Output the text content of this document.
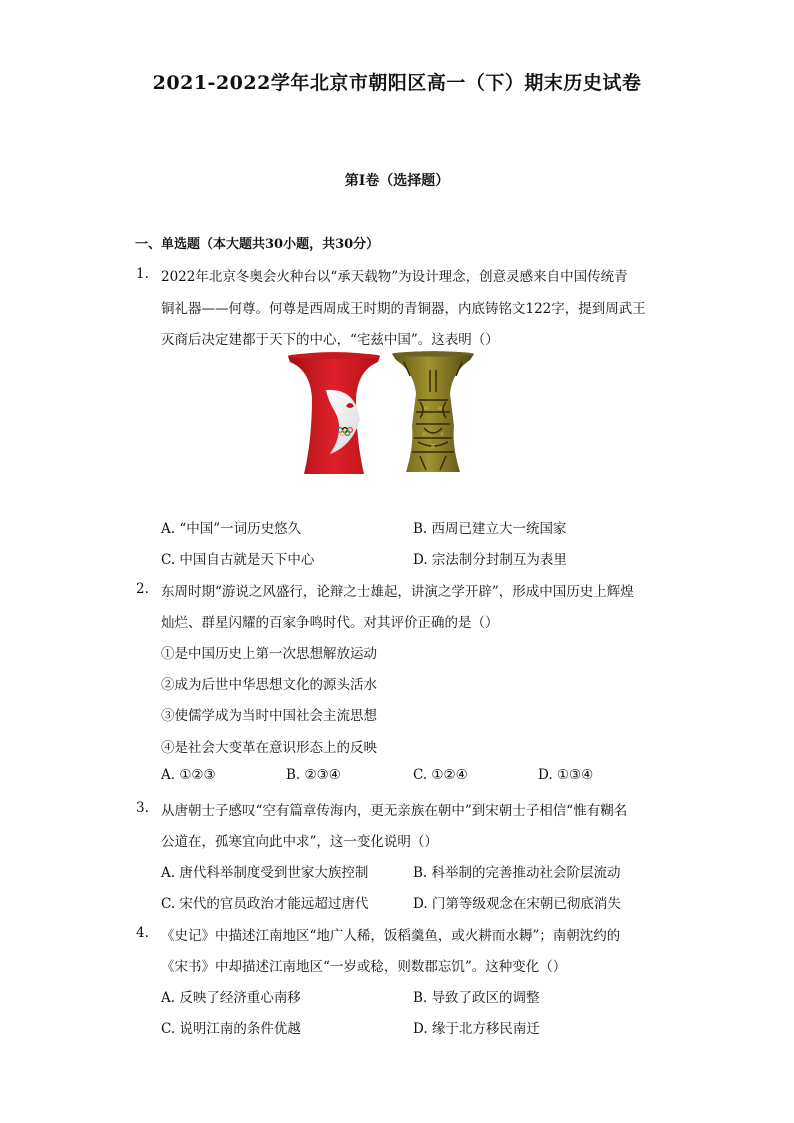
2021-2022学年北京市朝阳区高一（下）期末历史试卷
第I卷（选择题）
一、单选题（本大题共30小题，共30分）
1. 2022年北京冬奥会火种台以“承天载物”为设计理念，创意灵感来自中国传统青
铜礼器——何尊。何尊是西周成王时期的青铜器，内底铸铭文122字，提到周武王
灭商后决定建都于天下的中心，“宅兹中国”。这表明（）
A. “中国”一词历史悠久	B. 西周已建立大一统国家
C. 中国自古就是天下中心	D. 宗法制分封制互为表里
2. 东周时期“游说之风盛行，论辩之士雄起，讲演之学开辟”，形成中国历史上辉煌
灿烂、群星闪耀的百家争鸣时代。对其评价正确的是（）
①是中国历史上第一次思想解放运动
②成为后世中华思想文化的源头活水
③使儒学成为当时中国社会主流思想
④是社会大变革在意识形态上的反映
A. ①②③	B. ②③④	C. ①②④	D. ①③④
3. 从唐朝士子感叹“空有篇章传海内，更无亲族在朝中”到宋朝士子相信“惟有糊名
公道在，孤寒宜向此中求”，这一变化说明（）
A. 唐代科举制度受到世家大族控制	B. 科举制的完善推动社会阶层流动
C. 宋代的官员政治才能远超过唐代	D. 门第等级观念在宋朝已彻底消失
4. 《史记》中描述江南地区“地广人稀，饭稻羹鱼，或火耕而水耨”；南朝沈约的
《宋书》中却描述江南地区“一岁或稔，则数郡忘饥”。这种变化（）
A. 反映了经济重心南移	B. 导致了政区的调整
C. 说明江南的条件优越	D. 缘于北方移民南迁
